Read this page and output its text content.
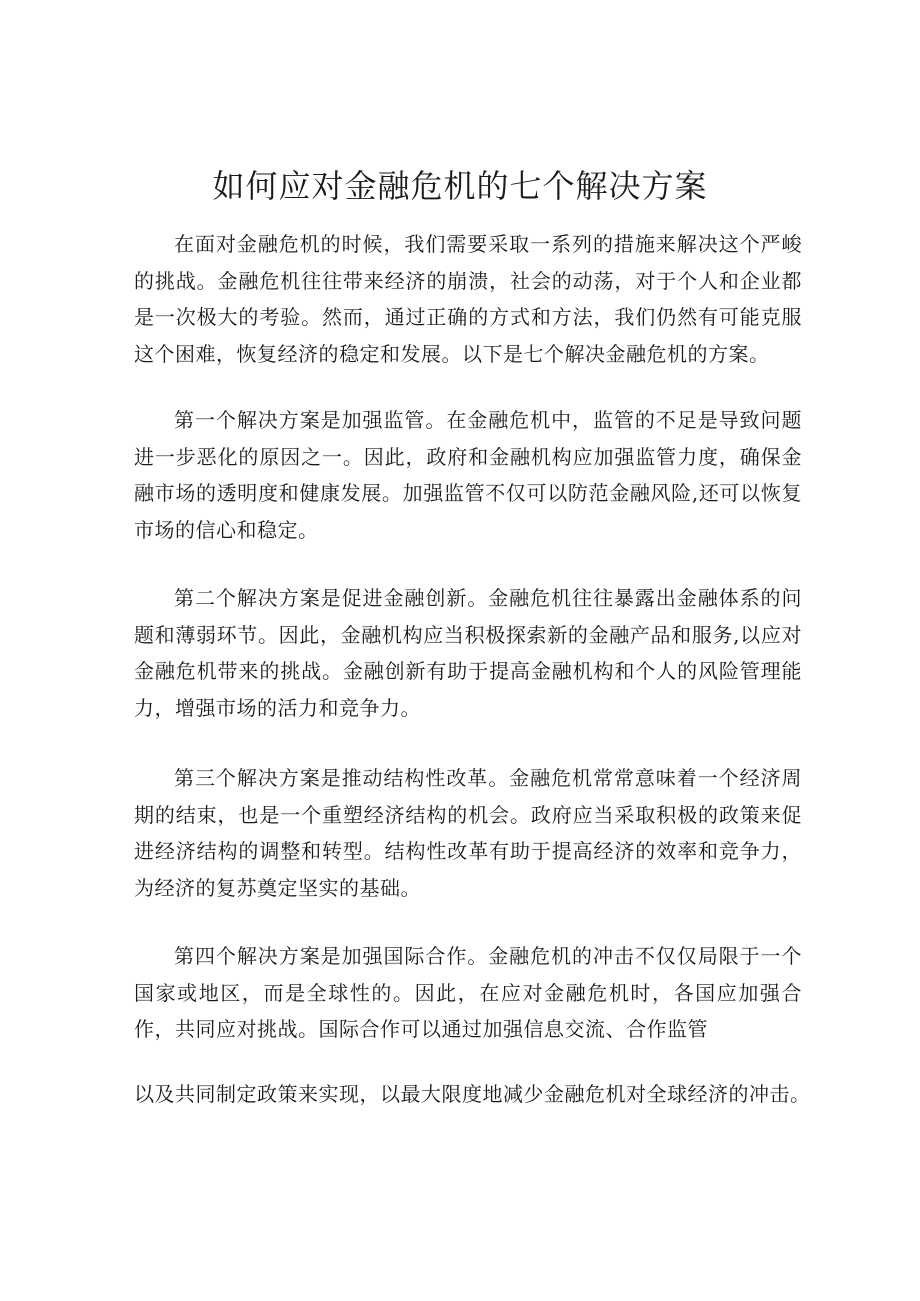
如何应对金融危机的七个解决方案

在面对金融危机的时候，我们需要采取一系列的措施来解决这个严峻的挑战。金融危机往往带来经济的崩溃，社会的动荡，对于个人和企业都是一次极大的考验。然而，通过正确的方式和方法，我们仍然有可能克服这个困难，恢复经济的稳定和发展。以下是七个解决金融危机的方案。

第一个解决方案是加强监管。在金融危机中，监管的不足是导致问题进一步恶化的原因之一。因此，政府和金融机构应加强监管力度，确保金融市场的透明度和健康发展。加强监管不仅可以防范金融风险,还可以恢复市场的信心和稳定。

第二个解决方案是促进金融创新。金融危机往往暴露出金融体系的问题和薄弱环节。因此，金融机构应当积极探索新的金融产品和服务,以应对金融危机带来的挑战。金融创新有助于提高金融机构和个人的风险管理能力，增强市场的活力和竞争力。

第三个解决方案是推动结构性改革。金融危机常常意味着一个经济周期的结束，也是一个重塑经济结构的机会。政府应当采取积极的政策来促进经济结构的调整和转型。结构性改革有助于提高经济的效率和竞争力，为经济的复苏奠定坚实的基础。

第四个解决方案是加强国际合作。金融危机的冲击不仅仅局限于一个国家或地区，而是全球性的。因此，在应对金融危机时，各国应加强合作，共同应对挑战。国际合作可以通过加强信息交流、合作监管

以及共同制定政策来实现，以最大限度地减少金融危机对全球经济的冲击。
